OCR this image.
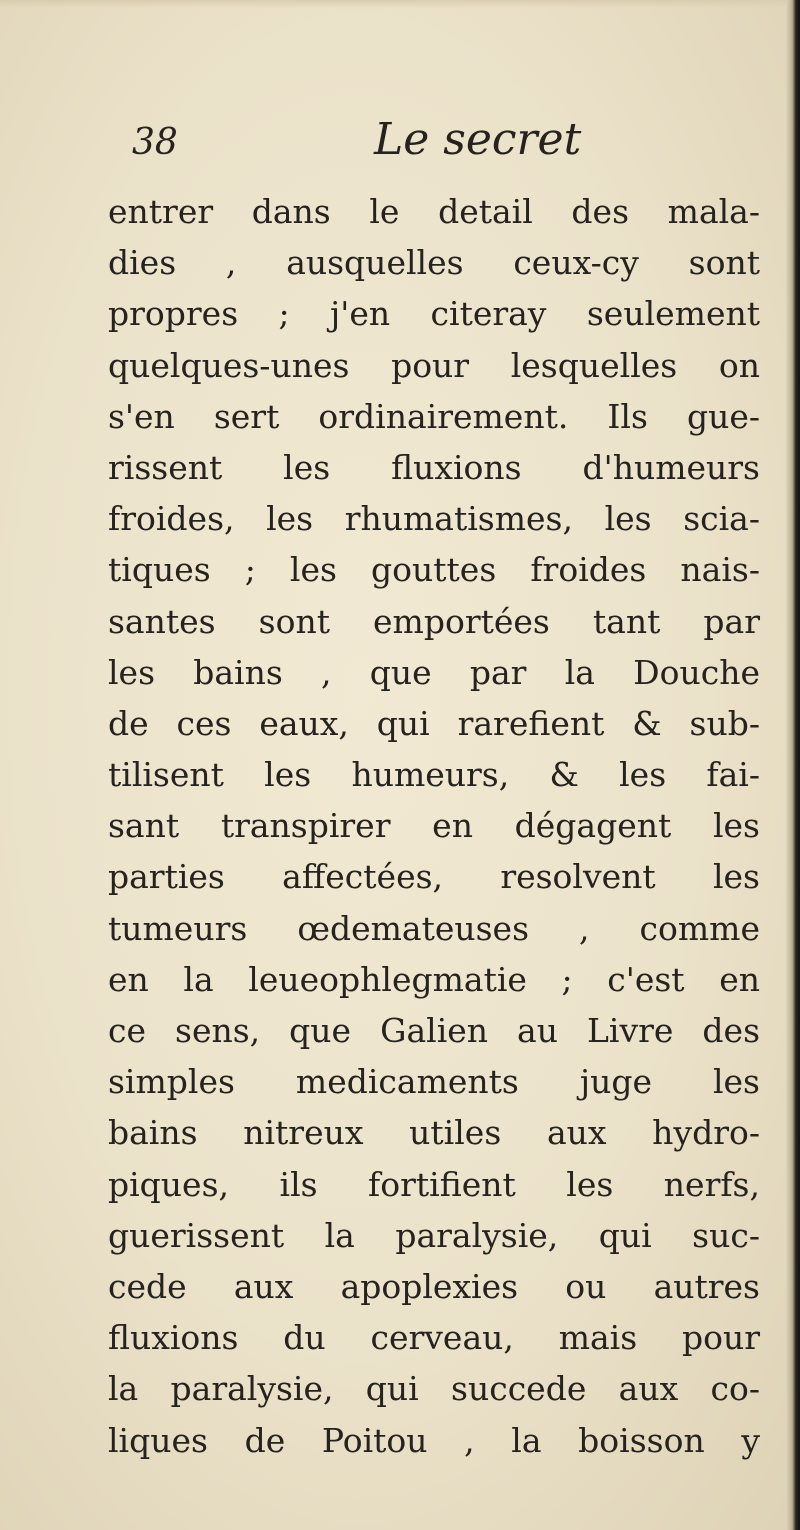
38	Le secret
entrer dans le detail des mala-
dies , ausquelles ceux-cy sont
propres ; j'en citeray seulement
quelques-unes pour lesquelles on
s'en sert ordinairement. Ils gue-
rissent les fluxions d'humeurs
froides, les rhumatismes, les scia-
tiques ; les gouttes froides nais-
santes sont emportées tant par
les bains , que par la Douche
de ces eaux, qui rarefient & sub-
tilisent les humeurs, & les fai-
sant transpirer en dégagent les
parties affectées, resolvent les
tumeurs œdemateuses , comme
en la leueophlegmatie ; c'est en
ce sens, que Galien au Livre des
simples medicaments juge les
bains nitreux utiles aux hydro-
piques, ils fortifient les nerfs,
guerissent la paralysie, qui suc-
cede aux apoplexies ou autres
fluxions du cerveau, mais pour
la paralysie, qui succede aux co-
liques de Poitou , la boisson y
